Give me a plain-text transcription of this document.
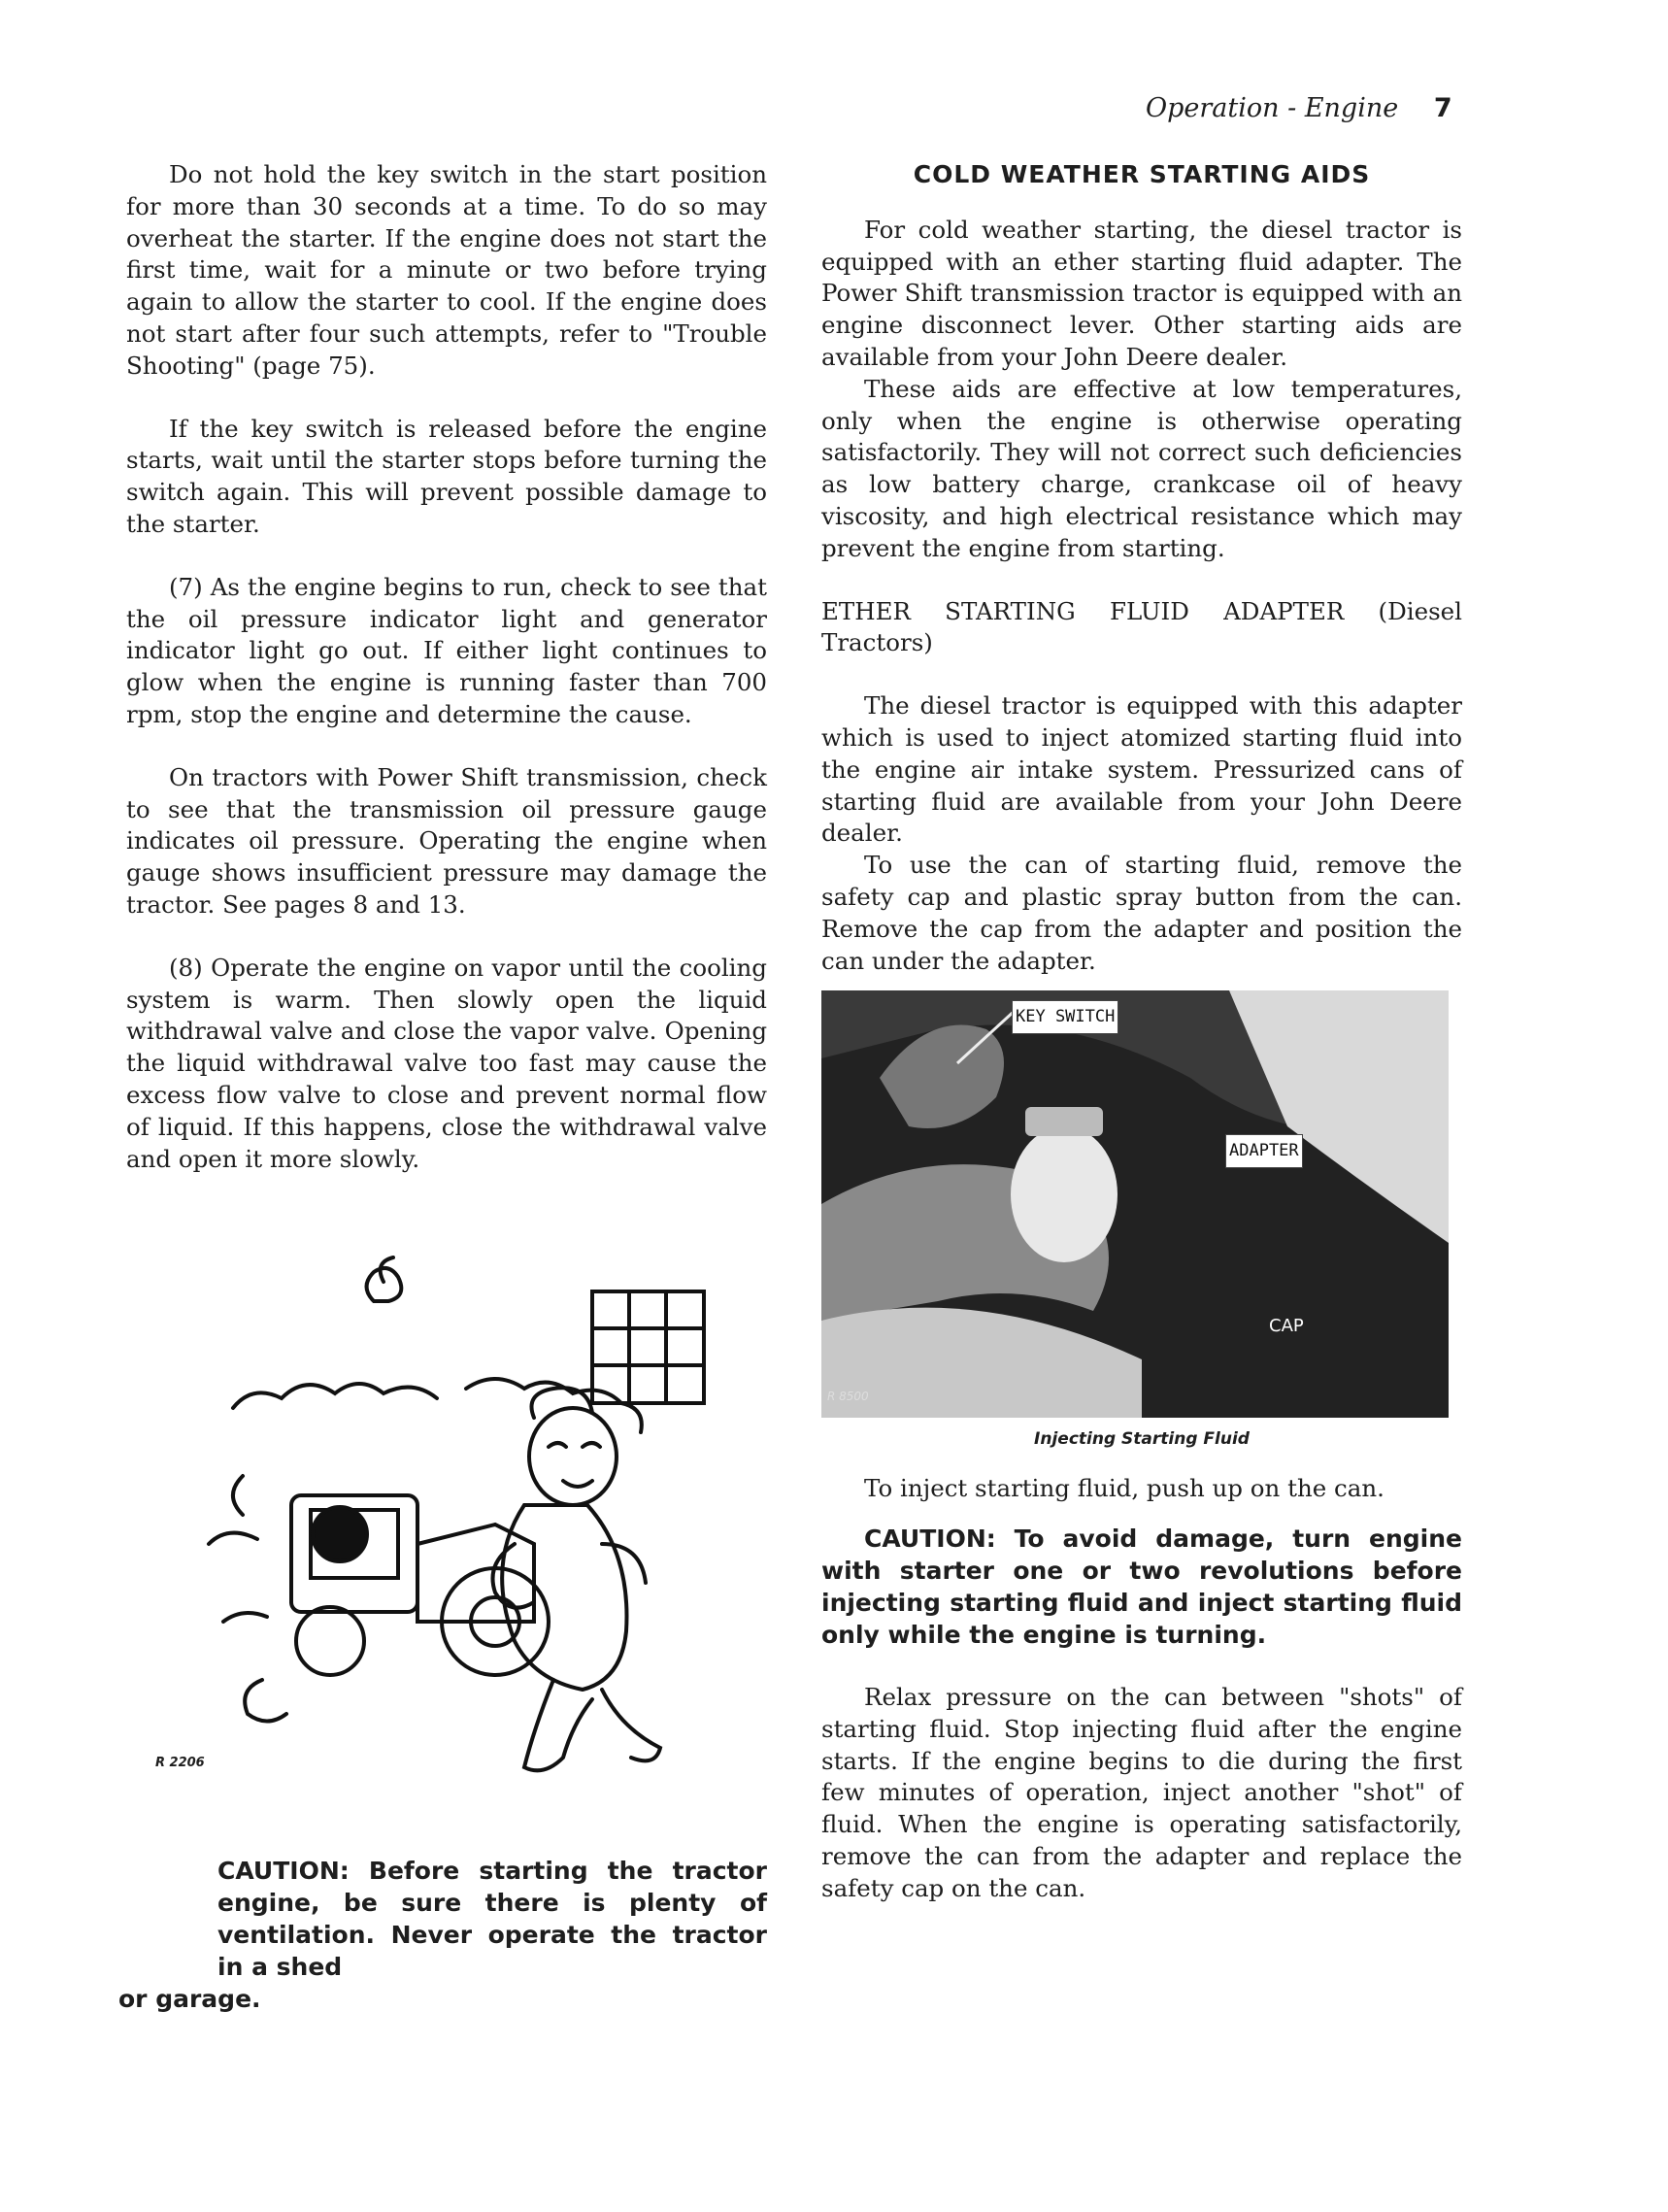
Operation - Engine 7

Do not hold the key switch in the start position for more than 30 seconds at a time. To do so may overheat the starter. If the engine does not start the first time, wait for a minute or two before trying again to allow the starter to cool. If the engine does not start after four such attempts, refer to "Trouble Shooting" (page 75).

If the key switch is released before the engine starts, wait until the starter stops before turning the switch again. This will prevent possible damage to the starter.

(7) As the engine begins to run, check to see that the oil pressure indicator light and generator indicator light go out. If either light continues to glow when the engine is running faster than 700 rpm, stop the engine and determine the cause.

On tractors with Power Shift transmission, check to see that the transmission oil pressure gauge indicates oil pressure. Operating the engine when gauge shows insufficient pressure may damage the tractor. See pages 8 and 13.

(8) Operate the engine on vapor until the cooling system is warm. Then slowly open the liquid withdrawal valve and close the vapor valve. Opening the liquid withdrawal valve too fast may cause the excess flow valve to close and prevent normal flow of liquid. If this happens, close the withdrawal valve and open it more slowly.

R 2206
CAUTION: Before starting the tractor engine, be sure there is plenty of ventilation. Never operate the tractor in a shed
or garage.
COLD WEATHER STARTING AIDS

For cold weather starting, the diesel tractor is equipped with an ether starting fluid adapter. The Power Shift transmission tractor is equipped with an engine disconnect lever. Other starting aids are available from your John Deere dealer.

These aids are effective at low temperatures, only when the engine is otherwise operating satisfactorily. They will not correct such deficiencies as low battery charge, crankcase oil of heavy viscosity, and high electrical resistance which may prevent the engine from starting.

ETHER STARTING FLUID ADAPTER (Diesel Tractors)

The diesel tractor is equipped with this adapter which is used to inject atomized starting fluid into the engine air intake system. Pressurized cans of starting fluid are available from your John Deere dealer.

To use the can of starting fluid, remove the safety cap and plastic spray button from the can. Remove the cap from the adapter and position the can under the adapter.

KEY SWITCH
ADAPTER
CAP
R 8500
Injecting Starting Fluid

To inject starting fluid, push up on the can.

CAUTION: To avoid damage, turn engine with starter one or two revolutions before injecting starting fluid and inject starting fluid only while the engine is turning.

Relax pressure on the can between "shots" of starting fluid. Stop injecting fluid after the engine starts. If the engine begins to die during the first few minutes of operation, inject another "shot" of fluid. When the engine is operating satisfactorily, remove the can from the adapter and replace the safety cap on the can.
